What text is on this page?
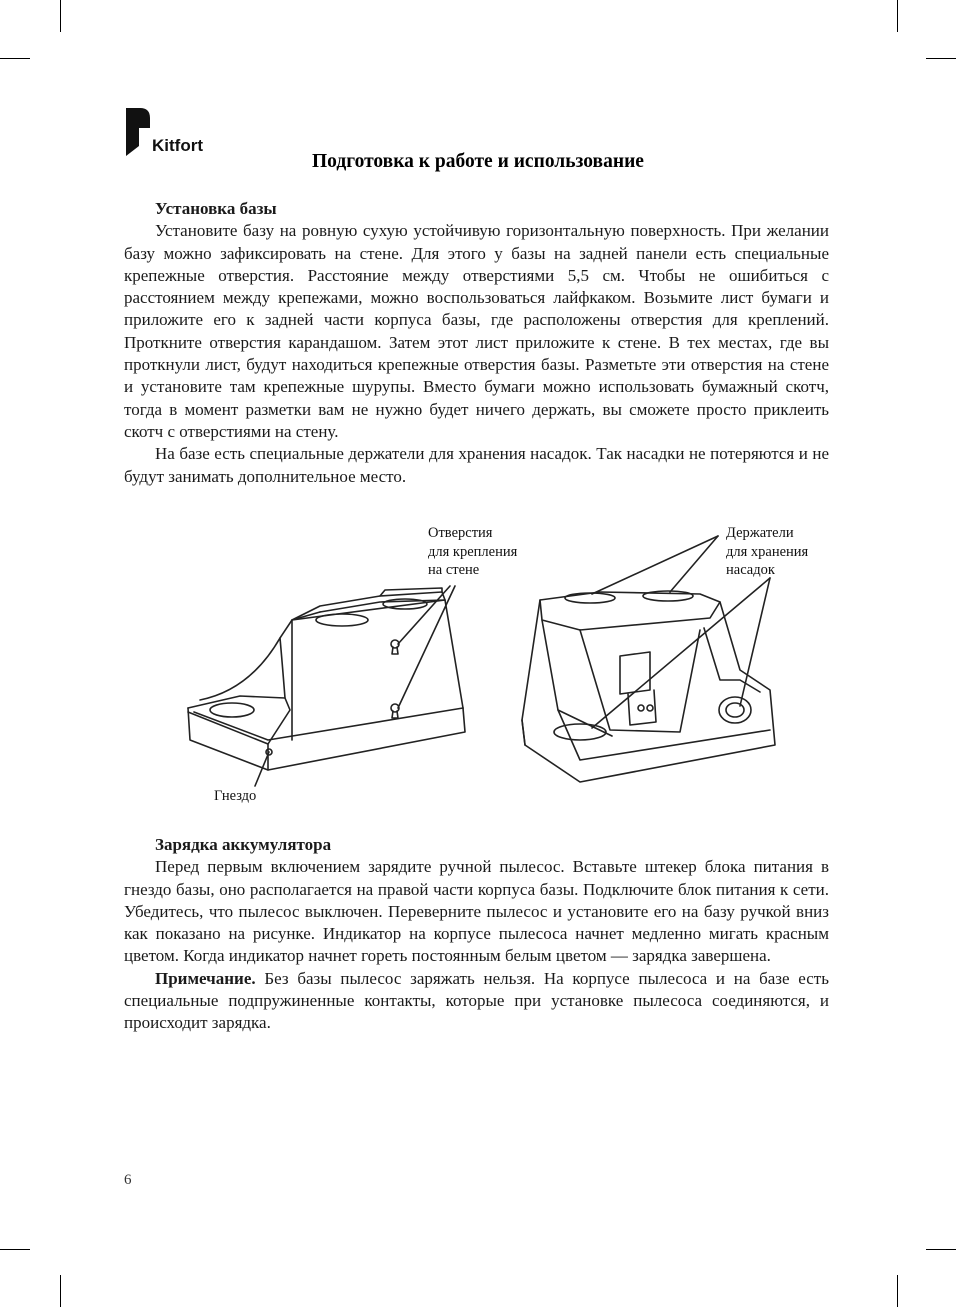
Kitfort
Подготовка к работе и использование

Установка базы

Установите базу на ровную сухую устойчивую горизонтальную поверхность. При желании базу можно зафиксировать на стене. Для этого у базы на задней панели есть специальные крепежные отверстия. Расстояние между отверстиями 5,5 см. Чтобы не ошибиться с расстоянием между крепежами, можно воспользоваться лайфкаком. Возьмите лист бумаги и приложите его к задней части корпуса базы, где расположены отверстия для креплений. Проткните отверстия карандашом. Затем этот лист приложите к стене. В тех местах, где вы проткнули лист, будут находиться крепежные отверстия базы. Разметьте эти отверстия на стене и установите там крепежные шурупы. Вместо бумаги можно использовать бумажный скотч, тогда в момент разметки вам не нужно будет ничего держать, вы сможете просто приклеить скотч с отверстиями на стену.

На базе есть специальные держатели для хранения насадок. Так насадки не потеряются и не будут занимать дополнительное место.

Отверстия
для крепления
на стене
Держатели
для хранения
насадок
Гнездо

Зарядка аккумулятора

Перед первым включением зарядите ручной пылесос. Вставьте штекер блока питания в гнездо базы, оно располагается на правой части корпуса базы. Подключите блок питания к сети. Убедитесь, что пылесос выключен. Переверните пылесос и установите его на базу ручкой вниз как показано на рисунке. Индикатор на корпусе пылесоса начнет медленно мигать красным цветом. Когда индикатор начнет гореть постоянным белым цветом — зарядка завершена.

Примечание. Без базы пылесос заряжать нельзя. На корпусе пылесоса и на базе есть специальные подпружиненные контакты, которые при установке пылесоса соединяются, и происходит зарядка.

6
